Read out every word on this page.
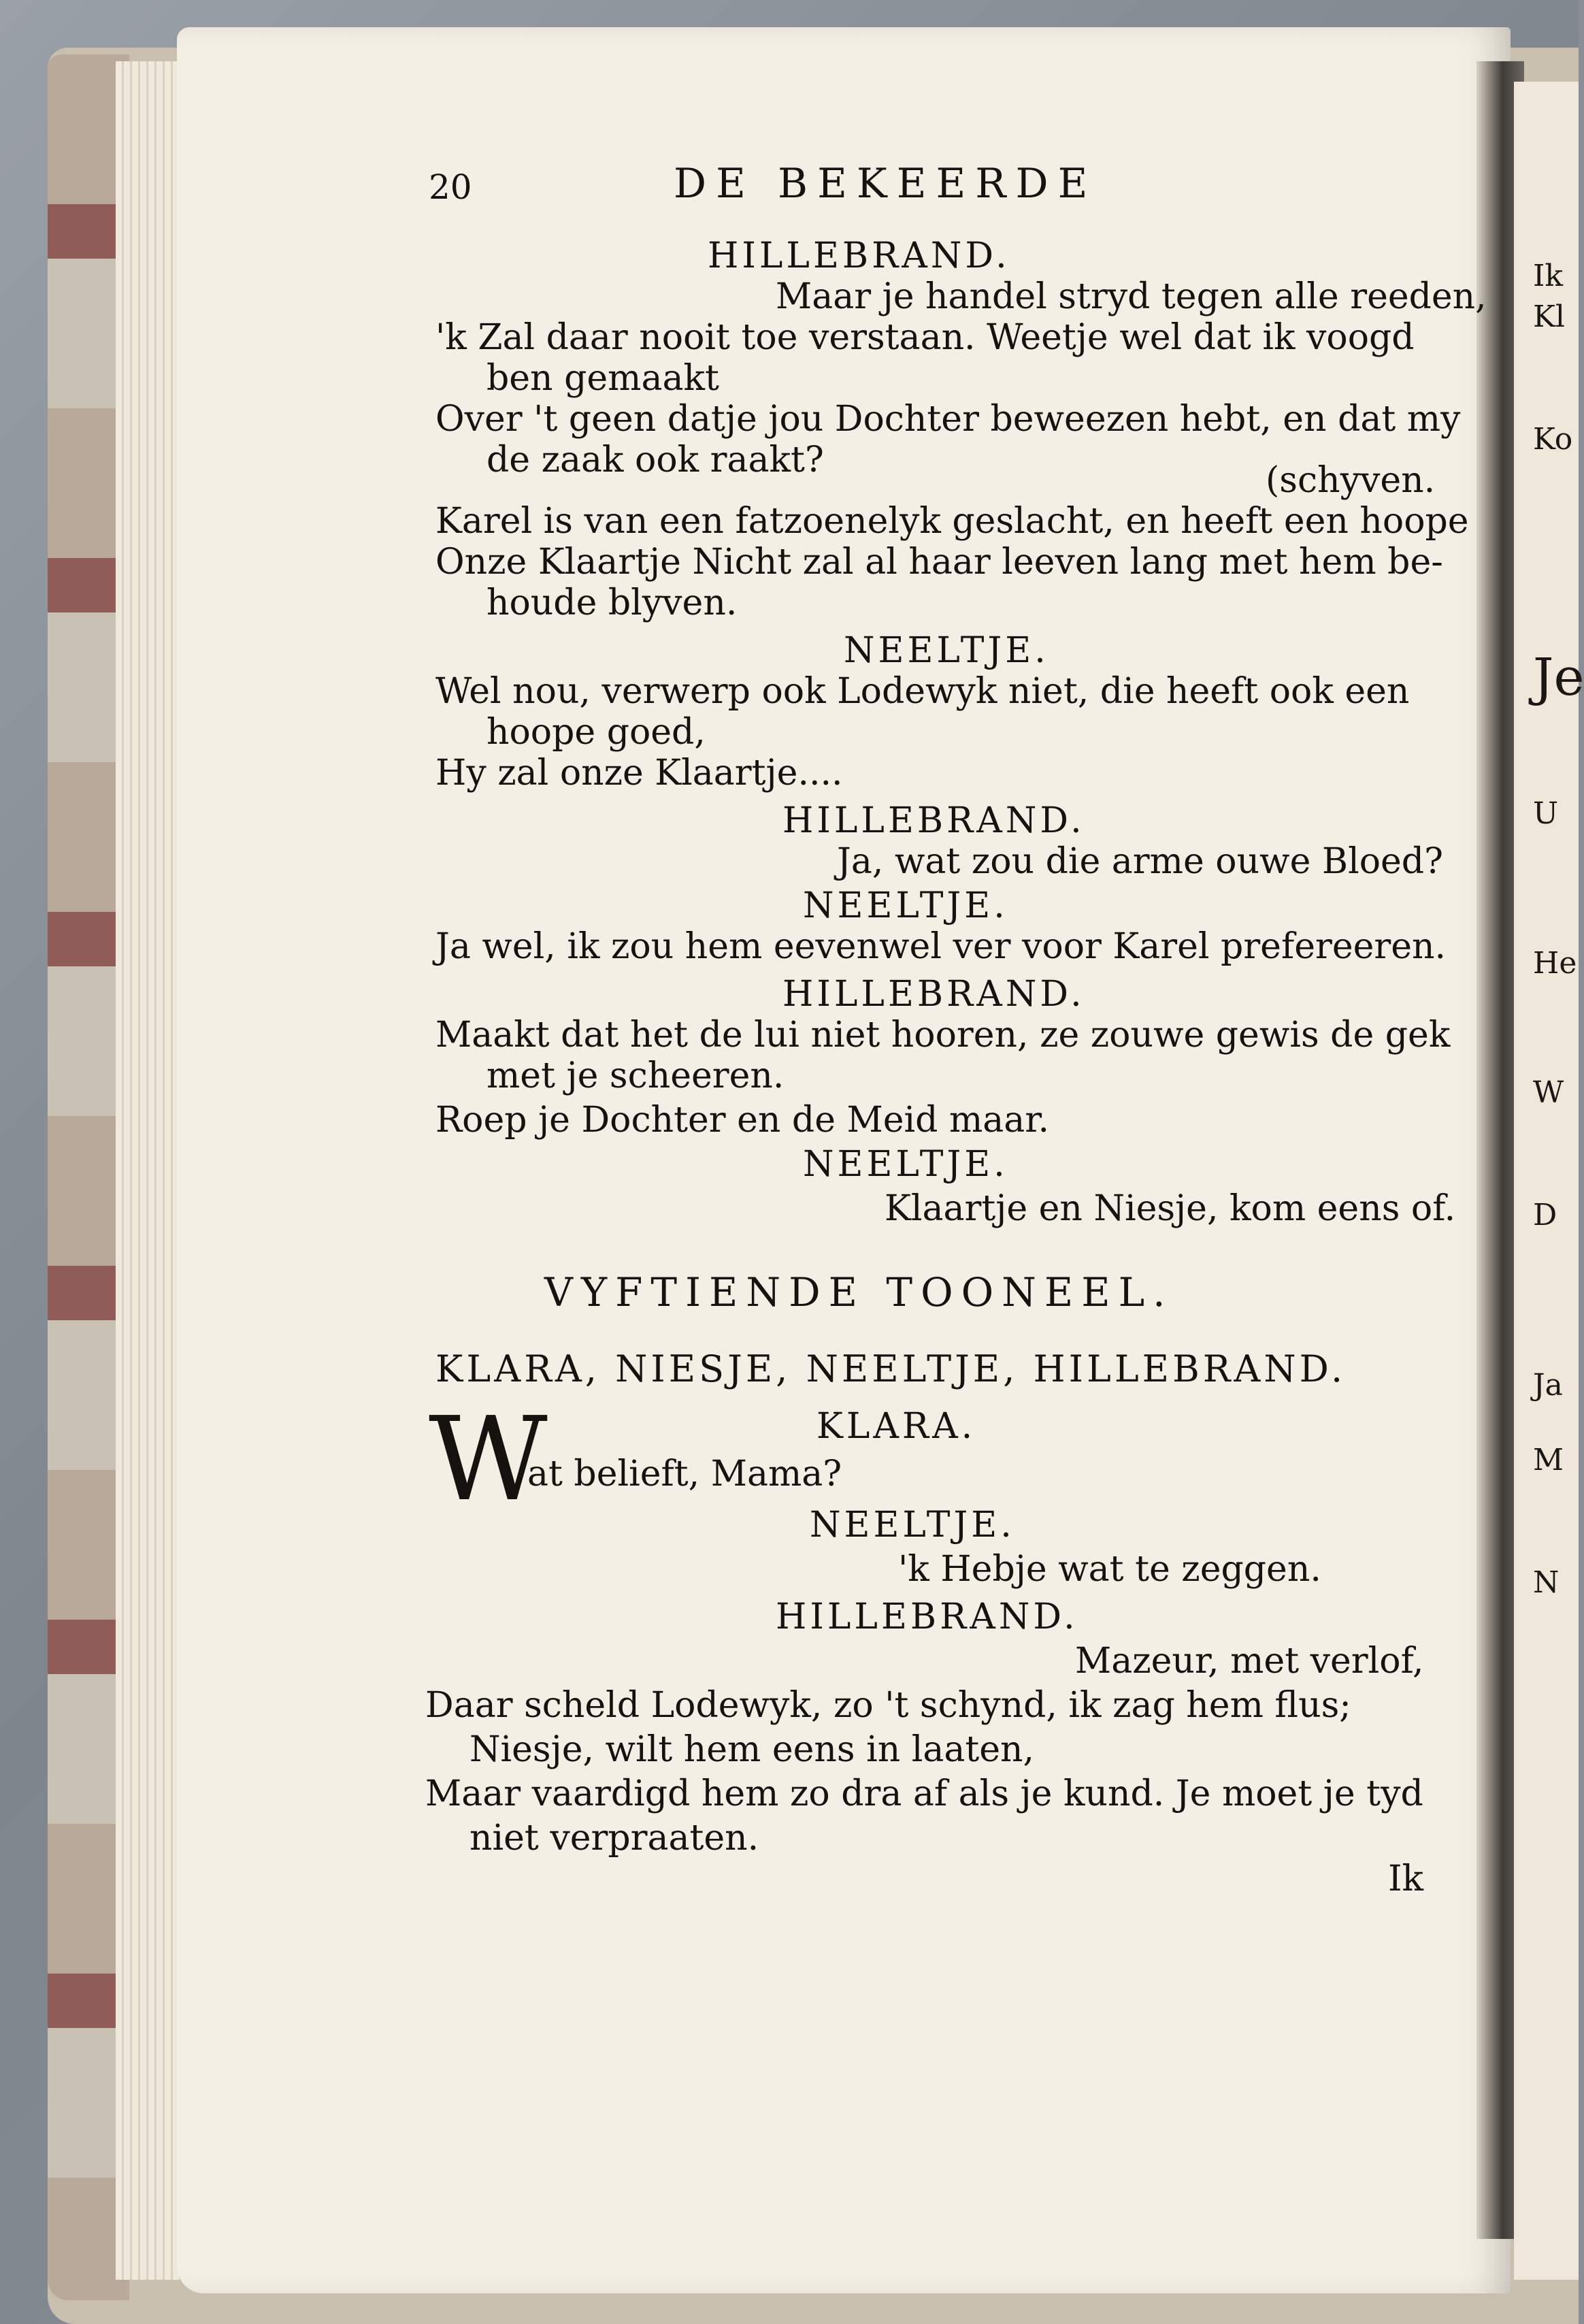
Ik
Kl
Ko
Je
U
He
W
D
Ja
M
N
20	DE BEKEERDE
HILLEBRAND.
Maar je handel stryd tegen alle reeden,
'k Zal daar nooit toe verstaan. Weetje wel dat ik voogd
ben gemaakt
Over 't geen datje jou Dochter beweezen hebt, en dat my
de zaak ook raakt?	(schyven.
Karel is van een fatzoenelyk geslacht, en heeft een hoope
Onze Klaartje Nicht zal al haar leeven lang met hem be-
houde blyven.
NEELTJE.
Wel nou, verwerp ook Lodewyk niet, die heeft ook een
hoope goed,
Hy zal onze Klaartje....
HILLEBRAND.
Ja, wat zou die arme ouwe Bloed?
NEELTJE.
Ja wel, ik zou hem eevenwel ver voor Karel prefereeren.
HILLEBRAND.
Maakt dat het de lui niet hooren, ze zouwe gewis de gek
met je scheeren.
Roep je Dochter en de Meid maar.
NEELTJE.
Klaartje en Niesje, kom eens of.
VYFTIENDE TOONEEL.
KLARA, NIESJE, NEELTJE, HILLEBRAND.
W	KLARA.
at belieft, Mama?
NEELTJE.
'k Hebje wat te zeggen.
HILLEBRAND.
Mazeur, met verlof,
Daar scheld Lodewyk, zo 't schynd, ik zag hem flus;
Niesje, wilt hem eens in laaten,
Maar vaardigd hem zo dra af als je kund. Je moet je tyd
niet verpraaten.
Ik
